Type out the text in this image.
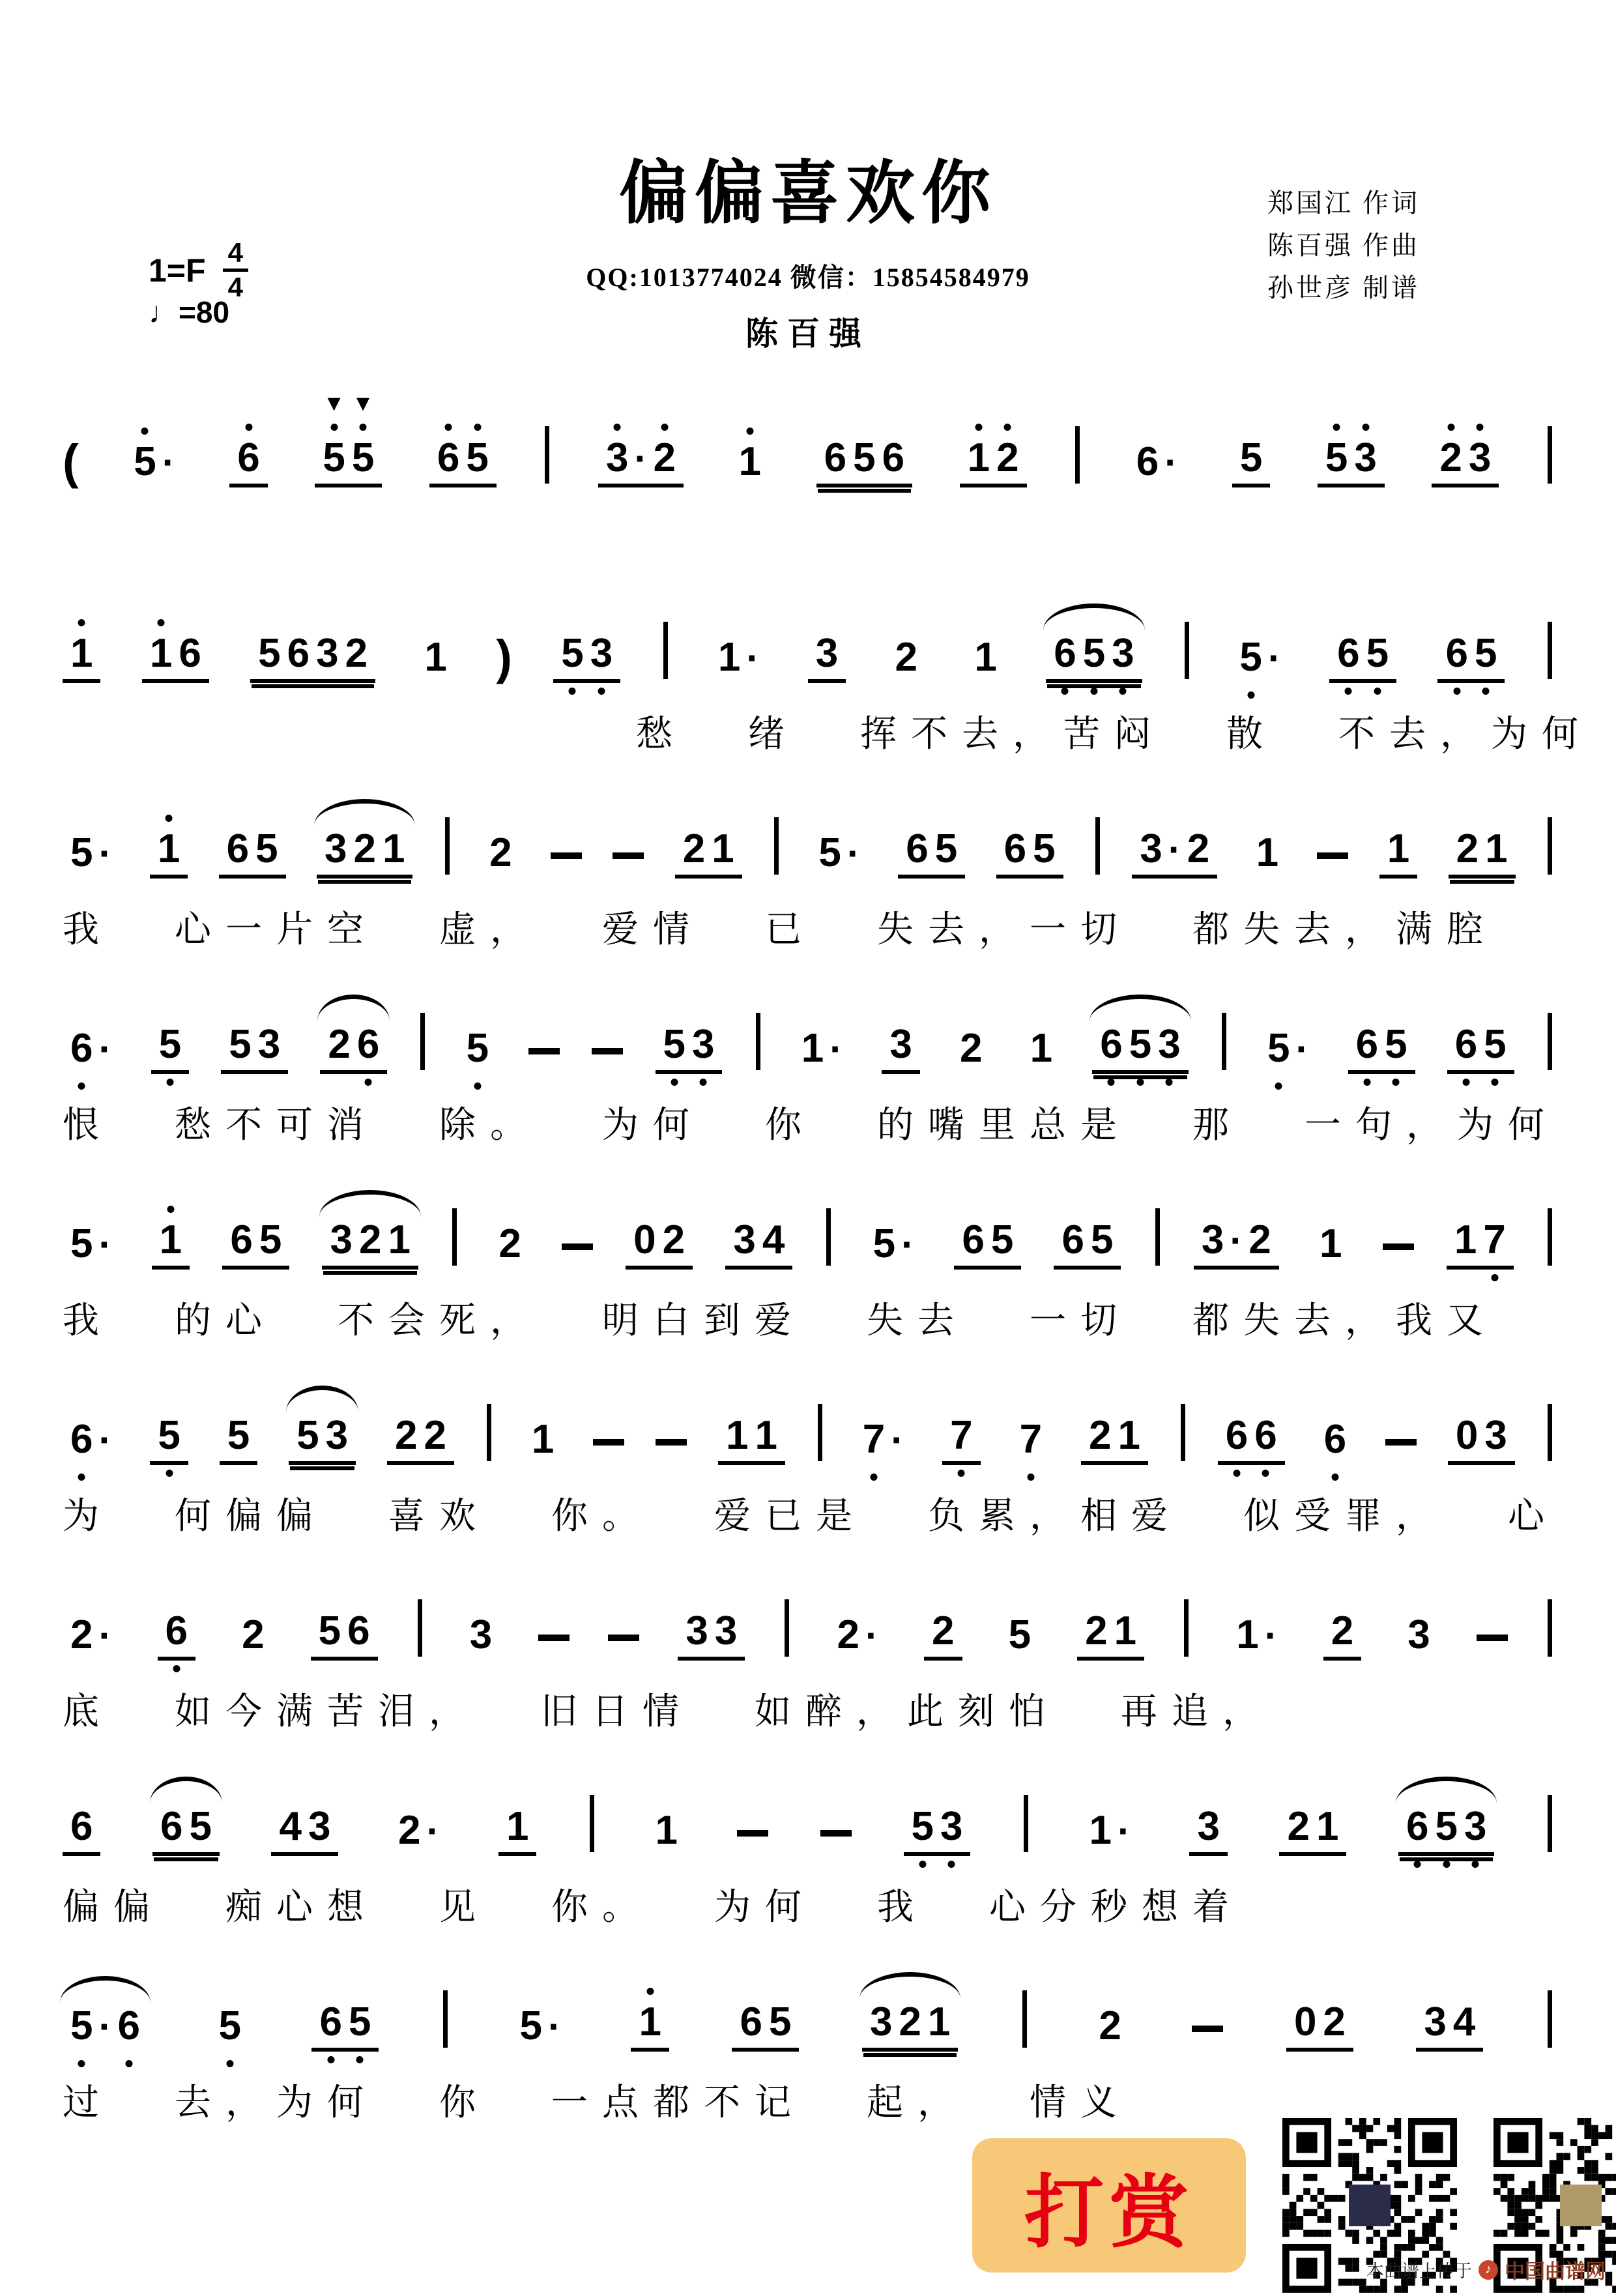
偏偏喜欢你
QQ:1013774024 微信：15854584979
陈百强
$1=F \frac{4}{4}$
♩=80
郑国江 作词
陈百强 作曲
孙世彦 制谱
( 5 · 6
▼
5
▼
5 6 5	3 · 2 1 6 5 6 1 2	6 · 5 5 3 2 3
1 1 6 5 6 3 2 1 ) 5 3	1 · 3 2 1 6 5 3	5 · 6 5 6 5
愁 绪 挥不去，苦闷 散 不去，为何
5 · 1 6 5 3 2 1 2	2 1 5 · 6 5 6 5 3 · 2 1	1 2 1
我 心一片空 虚， 爱情 已 失去，一切 都失去，满腔
6 · 5 5 3 2 6 5	5 3 1 · 3 2 1 6 5 3 5 · 6 5 6 5
恨 愁不可消 除。 为何 你 的嘴里总是 那 一句，为何
5 · 1 6 5 3 2 1 2	0 2 3 4 5 · 6 5 6 5 3 · 2 1	1 7
我 的心 不会死， 明白到爱 失去 一切 都失去，我又
6 · 5 5 5 3 2 2 1	1 1 7 · 7 7 2 1 6 6 6	0 3
为 何偏偏 喜欢 你。 爱已是 负累，相爱 似受罪， 心
2 · 6 2 5 6 3	3 3 2 · 2 5 2 1 1 · 2 3
底 如今满苦泪， 旧日情 如醉，此刻怕 再追，
6 6 5 4 3 2 · 1	1	5 3	1 · 3 2 1 6 5 3
偏偏 痴心想 见 你。 为何 我 心分秒想着
5 · 6 5 6 5	5 · 1 6 5 3 2 1	2	0 2 3 4
过 去，为何 你 一点都不记 起， 情义
打赏
本曲谱上传于	♪ 中国曲谱网
